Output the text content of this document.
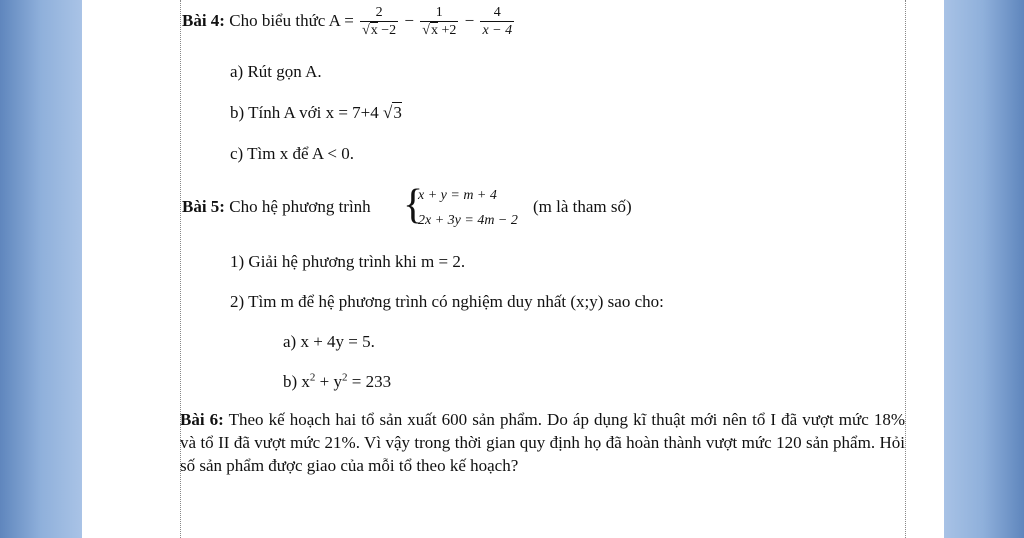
Bài 4: Cho biểu thức $A = \frac{2}{√x -2} - \frac{1}{√x +2} - \frac{4}{x - 4}$
a) Rút gọn A.
b) Tính A với x = 7+4 √3
c) Tìm x để A < 0.
Bài 5: Cho hệ phương trình {
x + y = m + 4
2x + 3y = 4m − 2
(m là tham số)
1) Giải hệ phương trình khi m = 2.
2) Tìm m để hệ phương trình có nghiệm duy nhất (x;y) sao cho:
a) x + 4y = 5.
b) $x^2 + y^2 = 233$
Bài 6: Theo kế hoạch hai tổ sản xuất 600 sản phẩm. Do áp dụng kĩ thuật mới nên tổ I đã vượt mức 18% và tổ II đã vượt mức 21%. Vì vậy trong thời gian quy định họ đã hoàn thành vượt mức 120 sản phẩm. Hỏi số sản phẩm được giao của mỗi tổ theo kế hoạch?
